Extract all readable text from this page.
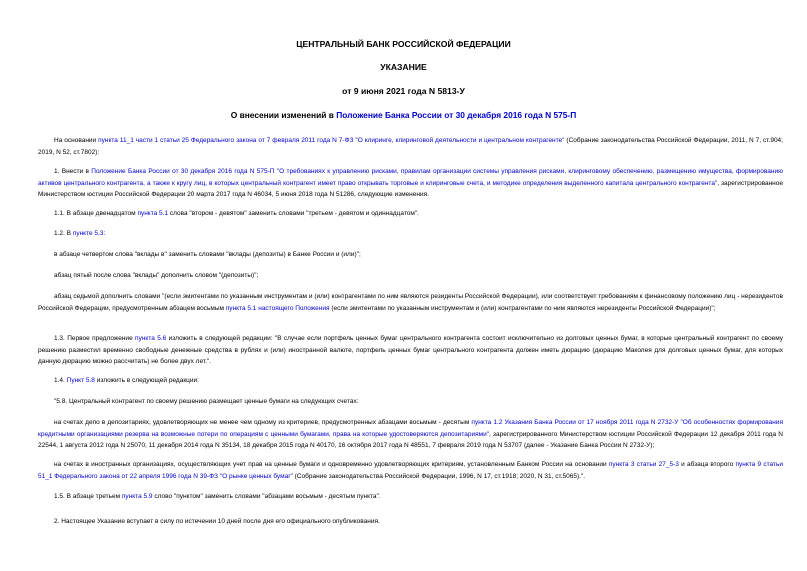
ЦЕНТРАЛЬНЫЙ БАНК РОССИЙСКОЙ ФЕДЕРАЦИИ
УКАЗАНИЕ
от 9 июня 2021 года N 5813-У
О внесении изменений в Положение Банка России от 30 декабря 2016 года N 575-П
На основании пункта 11_1 части 1 статьи 25 Федерального закона от 7 февраля 2011 года N 7-ФЗ "О клиринге, клиринговой деятельности и центральном контрагенте" (Собрание законодательства Российской Федерации, 2011, N 7, ст.904; 2019, N 52, ст.7802):
1. Внести в Положение Банка России от 30 декабря 2016 года N 575-П "О требованиях к управлению рисками, правилам организации системы управления рисками, клиринговому обеспечению, размещению имущества, формированию активов центрального контрагента, а также к кругу лиц, в которых центральный контрагент имеет право открывать торговые и клиринговые счета, и методике определения выделенного капитала центрального контрагента", зарегистрированное Министерством юстиции Российской Федерации 20 марта 2017 года N 46034, 5 июня 2018 года N 51286, следующие изменения.
1.1. В абзаце двенадцатом пункта 5.1 слова "втором - девятом" заменить словами "третьем - девятом и одиннадцатом".
1.2. В пункте 5.3:
в абзаце четвертом слова "вклады в" заменить словами "вклады (депозиты) в Банке России и (или)";
абзац пятый после слова "вклады" дополнить словом "(депозиты)";
абзац седьмой дополнить словами "(если эмитентами по указанным инструментам и (или) контрагентами по ним являются резиденты Российской Федерации), или соответствует требованиям к финансовому положению лиц - нерезидентов Российской Федерации, предусмотренным абзацем восьмым пункта 5.1 настоящего Положения (если эмитентами по указанным инструментам и (или) контрагентами по ним являются нерезиденты Российской Федерации)";
1.3. Первое предложение пункта 5.6 изложить в следующей редакции: "В случае если портфель ценных бумаг центрального контрагента состоит исключительно из долговых ценных бумаг, в которые центральный контрагент по своему решению разместил временно свободные денежные средства в рублях и (или) иностранной валюте, портфель ценных бумаг центрального контрагента должен иметь дюрацию (дюрацию Маколея для долговых ценных бумаг, для которых данную дюрацию можно рассчитать) не более двух лет.".
1.4. Пункт 5.8 изложить в следующей редакции:
"5.8. Центральный контрагент по своему решению размещает ценные бумаги на следующих счетах:
на счетах депо в депозитариях, удовлетворяющих не менее чем одному из критериев, предусмотренных абзацами восьмым - десятым пункта 1.2 Указания Банка России от 17 ноября 2011 года N 2732-У "Об особенностях формирования кредитными организациями резерва на возможные потери по операциям с ценными бумагами, права на которые удостоверяются депозитариями", зарегистрированного Министерством юстиции Российской Федерации 12 декабря 2011 года N 22544, 1 августа 2012 года N 25070, 11 декабря 2014 года N 35134, 18 декабря 2015 года N 40170, 16 октября 2017 года N 48551, 7 февраля 2019 года N 53707 (далее - Указание Банка России N 2732-У);
на счетах в иностранных организациях, осуществляющих учет прав на ценные бумаги и одновременно удовлетворяющих критериям, установленным Банком России на основании пункта 3 статьи 27_5-3 и абзаца второго пункта 9 статьи 51_1 Федерального закона от 22 апреля 1996 года N 39-ФЗ "О рынке ценных бумаг" (Собрание законодательства Российской Федерации, 1996, N 17, ст.1918; 2020, N 31, ст.5065).".
1.5. В абзаце третьем пункта 5.9 слово "пунктом" заменить словами "абзацами восьмым - десятым пункта".
2. Настоящее Указание вступает в силу по истечении 10 дней после дня его официального опубликования.
